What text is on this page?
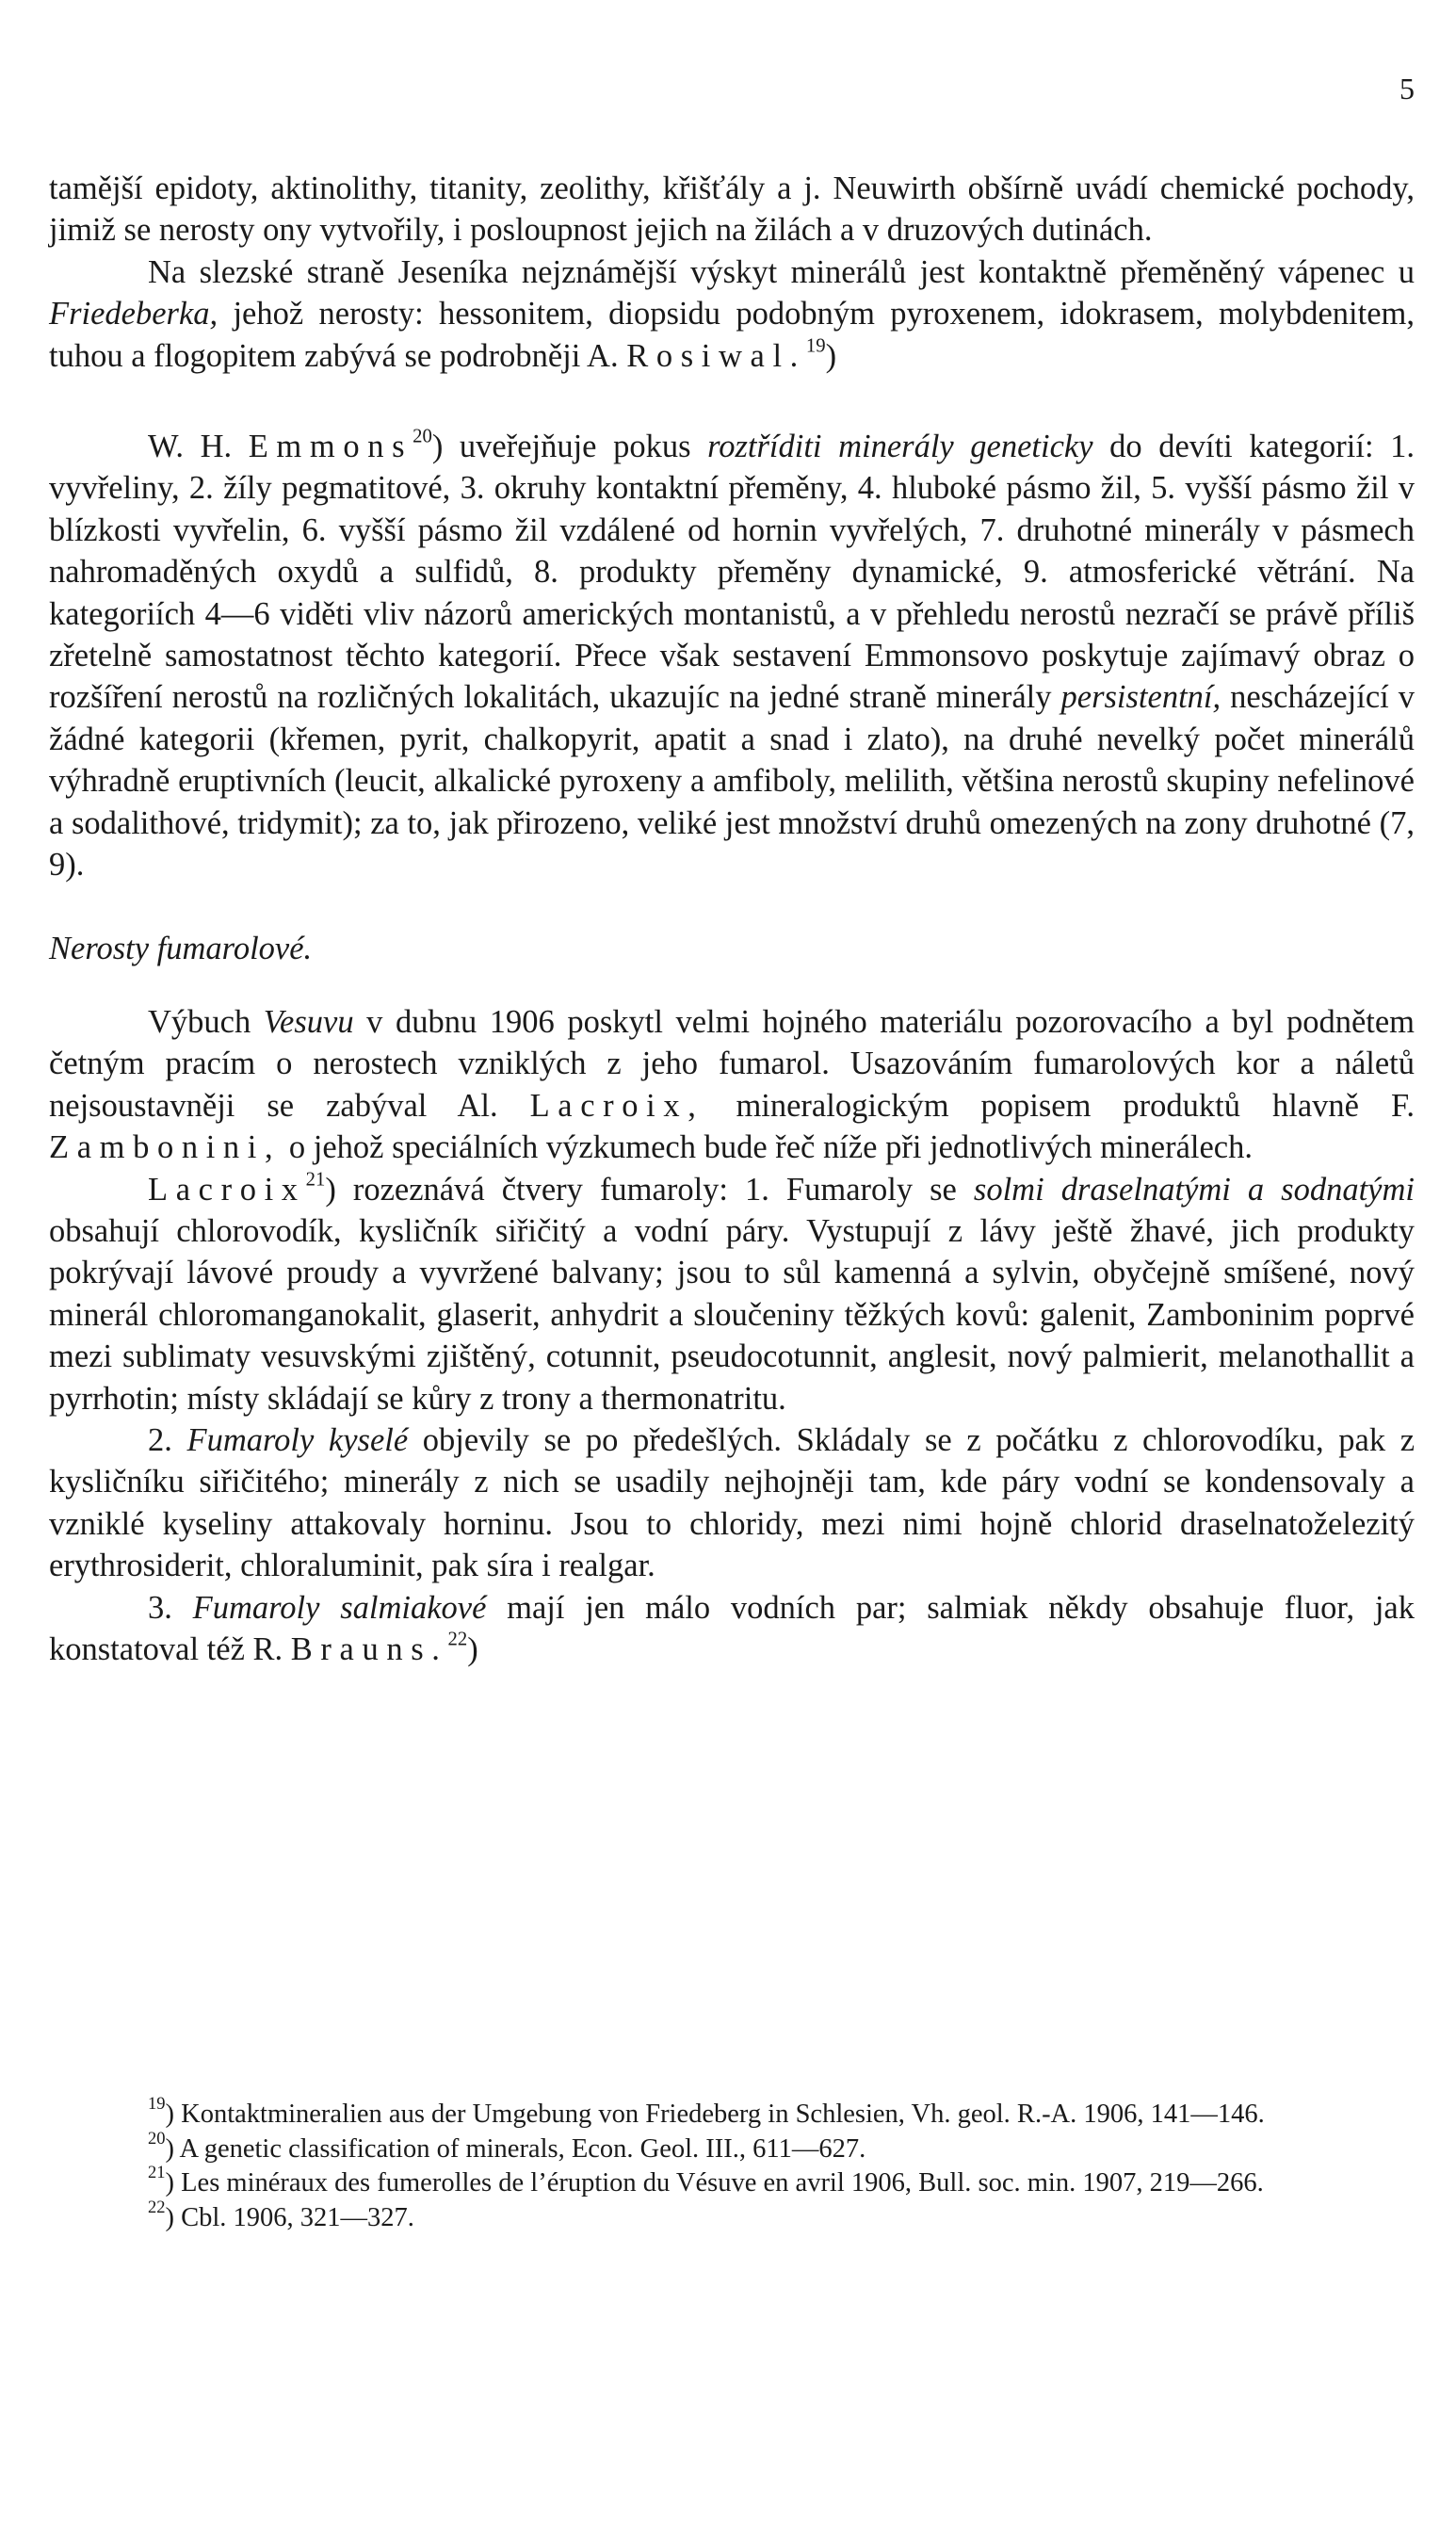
5

tamější epidoty, aktinolithy, titanity, zeolithy, křišťály a j. Neuwirth obšírně uvádí chemické pochody, jimiž se nerosty ony vytvořily, i posloupnost jejich na žilách a v druzových dutinách.

Na slezské straně Jeseníka nejznámější výskyt minerálů jest kontaktně přeměněný vápenec u Friedeberka, jehož nerosty: hessonitem, diopsidu podobným pyroxenem, idokrasem, molybdenitem, tuhou a flogopitem zabývá se podrobněji A. Rosiwal.$^{19}$)

W. H. Emmons$^{20}$) uveřejňuje pokus roztříditi minerály geneticky do devíti kategorií: 1. vyvřeliny, 2. žíly pegmatitové, 3. okruhy kontaktní přeměny, 4. hluboké pásmo žil, 5. vyšší pásmo žil v blízkosti vyvřelin, 6. vyšší pásmo žil vzdálené od hornin vyvřelých, 7. druhotné minerály v pásmech nahromaděných oxydů a sulfidů, 8. produkty přeměny dynamické, 9. atmosferické větrání. Na kategoriích 4—6 viděti vliv názorů amerických montanistů, a v přehledu nerostů nezračí se právě příliš zřetelně samostatnost těchto kategorií. Přece však sestavení Emmonsovo poskytuje zajímavý obraz o rozšíření nerostů na rozličných lokalitách, ukazujíc na jedné straně minerály persistentní, nescházející v žádné kategorii (křemen, pyrit, chalkopyrit, apatit a snad i zlato), na druhé nevelký počet minerálů výhradně eruptivních (leucit, alkalické pyroxeny a amfiboly, melilith, většina nerostů skupiny nefelinové a sodalithové, tridymit); za to, jak přirozeno, veliké jest množství druhů omezených na zony druhotné (7, 9).

Nerosty fumarolové.

Výbuch Vesuvu v dubnu 1906 poskytl velmi hojného materiálu pozorovacího a byl podnětem četným pracím o nerostech vzniklých z jeho fumarol. Usazováním fumarolových kor a náletů nejsoustavněji se zabýval Al. Lacroix, mineralogickým popisem produktů hlavně F. Zambonini, o jehož speciálních výzkumech bude řeč níže při jednotlivých minerálech.

Lacroix$^{21}$) rozeznává čtvery fumaroly: 1. Fumaroly se solmi draselnatými a sodnatými obsahují chlorovodík, kysličník siřičitý a vodní páry. Vystupují z lávy ještě žhavé, jich produkty pokrývají lávové proudy a vyvržené balvany; jsou to sůl kamenná a sylvin, obyčejně smíšené, nový minerál chloromanganokalit, glaserit, anhydrit a sloučeniny těžkých kovů: galenit, Zamboninim poprvé mezi sublimaty vesuvskými zjištěný, cotunnit, pseudocotunnit, anglesit, nový palmierit, melanothallit a pyrrhotin; místy skládají se kůry z trony a thermonatritu.

2. Fumaroly kyselé objevily se po předešlých. Skládaly se z počátku z chlorovodíku, pak z kysličníku siřičitého; minerály z nich se usadily nejhojněji tam, kde páry vodní se kondensovaly a vzniklé kyseliny attakovaly horninu. Jsou to chloridy, mezi nimi hojně chlorid draselnatoželezitý erythrosiderit, chloraluminit, pak síra i realgar.

3. Fumaroly salmiakové mají jen málo vodních par; salmiak někdy obsahuje fluor, jak konstatoval též R. Brauns.$^{22}$)

$^{19}$) Kontaktmineralien aus der Umgebung von Friedeberg in Schlesien, Vh. geol. R.-A. 1906, 141—146.

$^{20}$) A genetic classification of minerals, Econ. Geol. III., 611—627.

$^{21}$) Les minéraux des fumerolles de l’éruption du Vésuve en avril 1906, Bull. soc. min. 1907, 219—266.

$^{22}$) Cbl. 1906, 321—327.
